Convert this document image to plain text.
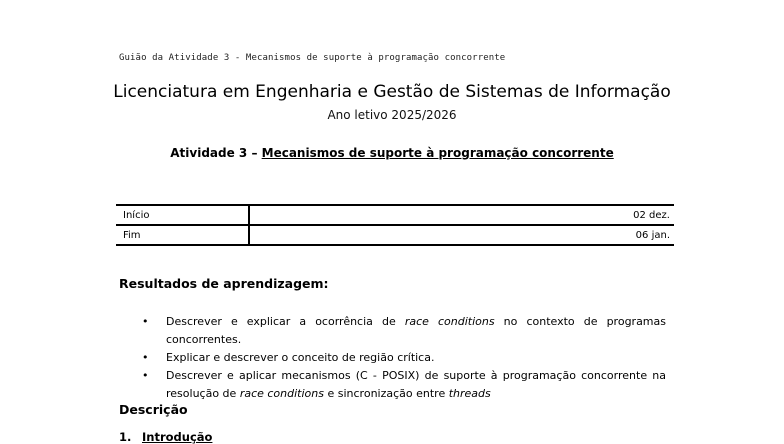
Guião da Atividade 3 - Mecanismos de suporte à programação concorrente
Licenciatura em Engenharia e Gestão de Sistemas de Informação
Ano letivo 2025/2026
Atividade 3 – Mecanismos de suporte à programação concorrente
Início	02 dez.
Fim	06 jan.
Resultados de aprendizagem:
• Descrever e explicar a ocorrência de race conditions no contexto de programas concorrentes.
• Explicar e descrever o conceito de região crítica.
• Descrever e aplicar mecanismos (C - POSIX) de suporte à programação concorrente na resolução de race conditions e sincronização entre threads
Descrição
1. Introdução
